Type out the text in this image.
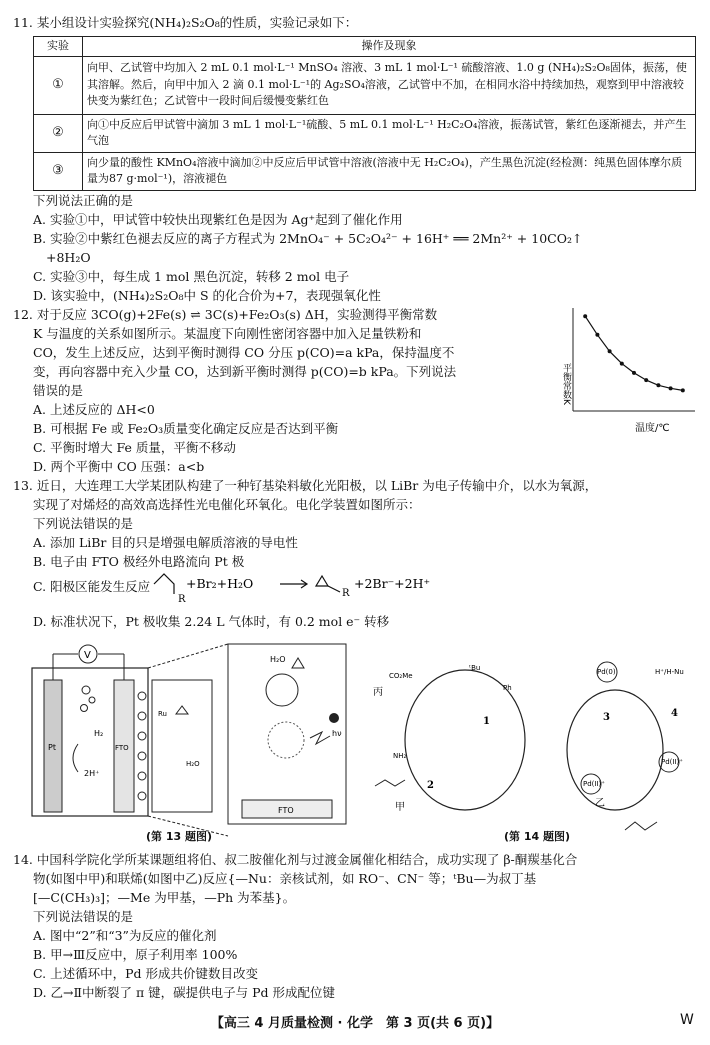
11. 某小组设计实验探究(NH₄)₂S₂O₈的性质，实验记录如下：
实验	操作及现象
①	向甲、乙试管中均加入 2 mL 0.1 mol·L⁻¹ MnSO₄ 溶液、3 mL 1 mol·L⁻¹ 硫酸溶液、1.0 g (NH₄)₂S₂O₈固体，振荡，使其溶解。然后，向甲中加入 2 滴 0.1 mol·L⁻¹的 Ag₂SO₄溶液，乙试管中不加，在相同水浴中持续加热，观察到甲中溶液较快变为紫红色；乙试管中一段时间后缓慢变紫红色
②	向①中反应后甲试管中滴加 3 mL 1 mol·L⁻¹硫酸、5 mL 0.1 mol·L⁻¹ H₂C₂O₄溶液，振荡试管，紫红色逐渐褪去，并产生气泡
③	向少量的酸性 KMnO₄溶液中滴加②中反应后甲试管中溶液(溶液中无 H₂C₂O₄)，产生黑色沉淀(经检测：纯黑色固体摩尔质量为87 g·mol⁻¹)，溶液褪色
下列说法正确的是
A. 实验①中，甲试管中较快出现紫红色是因为 Ag⁺起到了催化作用
B. 实验②中紫红色褪去反应的离子方程式为 2MnO₄⁻ + 5C₂O₄²⁻ + 16H⁺ ══ 2Mn²⁺ + 10CO₂↑
+8H₂O
C. 实验③中，每生成 1 mol 黑色沉淀，转移 2 mol 电子
D. 该实验中，(NH₄)₂S₂O₈中 S 的化合价为+7，表现强氧化性
12. 对于反应 3CO(g)+2Fe(s) ⇌ 3C(s)+Fe₂O₃(s) ΔH，实验测得平衡常数
K 与温度的关系如图所示。某温度下向刚性密闭容器中加入足量铁粉和
CO，发生上述反应，达到平衡时测得 CO 分压 p(CO)=a kPa，保持温度不
变，再向容器中充入少量 CO，达到新平衡时测得 p(CO)=b kPa。下列说法
错误的是
A. 上述反应的 ΔH<0
B. 可根据 Fe 或 Fe₂O₃质量变化确定反应是否达到平衡
C. 平衡时增大 Fe 质量，平衡不移动
D. 两个平衡中 CO 压强：a<b
平衡常数K
温度/℃
13. 近日，大连理工大学某团队构建了一种钌基染料敏化光阳极，以 LiBr 为电子传输中介，以水为氧源，
实现了对烯烃的高效高选择性光电催化环氧化。电化学装置如图所示：
下列说法错误的是
A. 添加 LiBr 目的只是增强电解质溶液的导电性
B. 电子由 FTO 极经外电路流向 Pt 极
C. 阳极区能发生反应
R
+Br₂+H₂O
R
+2Br⁻+2H⁺
D. 标准状况下，Pt 极收集 2.24 L 气体时，有 0.2 mol e⁻ 转移
Pt	FTO
V
H₂
2H⁺
Ru
H₂O
H₂O
hν
FTO
(第 13 题图)
丙
CO₂Me
ᵗBu
Ph
1
2
NH₂
甲
3	4
Pd(0)	H⁺/H-Nu
Pd(II)⁺
Pd(II)⁺
乙
(第 14 题图)
14. 中国科学院化学所某课题组将伯、叔二胺催化剂与过渡金属催化相结合，成功实现了 β-酮羰基化合
物(如图中甲)和联烯(如图中乙)反应{—Nu：亲核试剂，如 RO⁻、CN⁻ 等；ᵗBu—为叔丁基
[—C(CH₃)₃]；—Me 为甲基，—Ph 为苯基}。
下列说法错误的是
A. 图中“2”和“3”为反应的催化剂
B. 甲→Ⅲ反应中，原子利用率 100%
C. 上述循环中，Pd 形成共价键数目改变
D. 乙→Ⅱ中断裂了 π 键，碳提供电子与 Pd 形成配位键
【高三 4 月质量检测 · 化学　第 3 页(共 6 页)】	W
